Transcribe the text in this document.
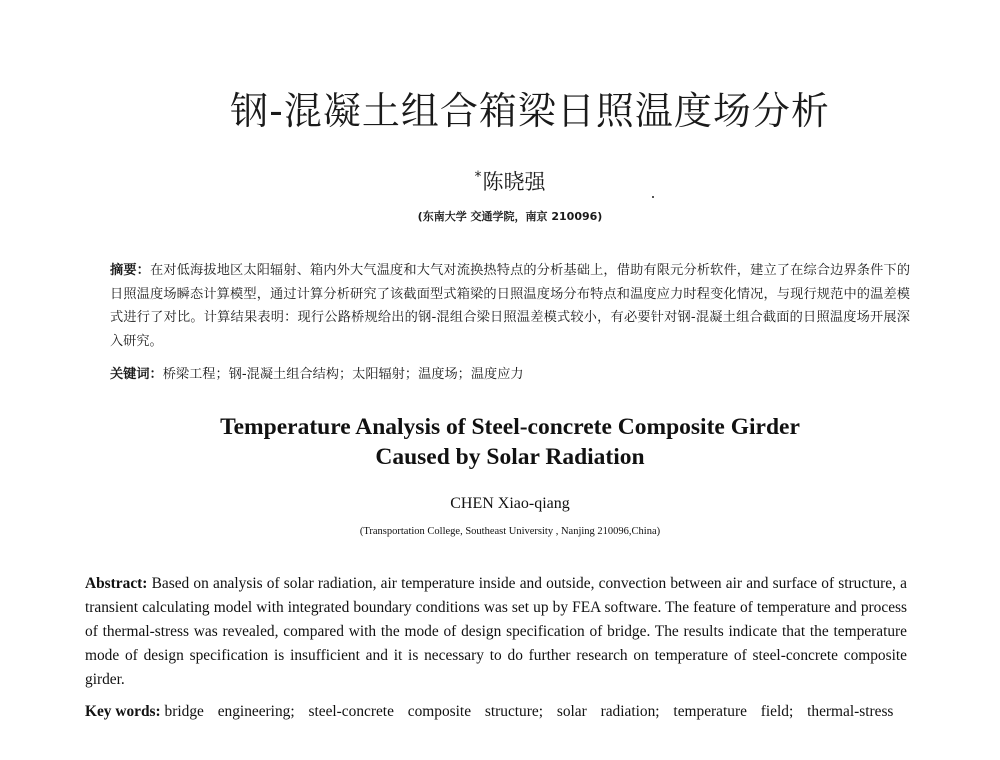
钢-混凝土组合箱梁日照温度场分析
*陈晓强
(东南大学 交通学院，南京 210096)
摘要：在对低海拔地区太阳辐射、箱内外大气温度和大气对流换热特点的分析基础上，借助有限元分析软件，建立了在综合边界条件下的日照温度场瞬态计算模型，通过计算分析研究了该截面型式箱梁的日照温度场分布特点和温度应力时程变化情况，与现行规范中的温差模式进行了对比。计算结果表明：现行公路桥规给出的钢-混组合梁日照温差模式较小，有必要针对钢-混凝土组合截面的日照温度场开展深入研究。
关键词：桥梁工程；钢-混凝土组合结构；太阳辐射；温度场；温度应力
Temperature Analysis of Steel-concrete Composite Girder
Caused by Solar Radiation
CHEN Xiao-qiang
(Transportation College, Southeast University , Nanjing 210096,China)
Abstract: Based on analysis of solar radiation, air temperature inside and outside, convection between air and surface of structure, a transient calculating model with integrated boundary conditions was set up by FEA software. The feature of temperature and process of thermal-stress was revealed, compared with the mode of design specification of bridge. The results indicate that the temperature mode of design specification is insufficient and it is necessary to do further research on temperature of steel-concrete composite girder.
Key words: bridge engineering; steel-concrete composite structure; solar radiation; temperature field; thermal-stress
